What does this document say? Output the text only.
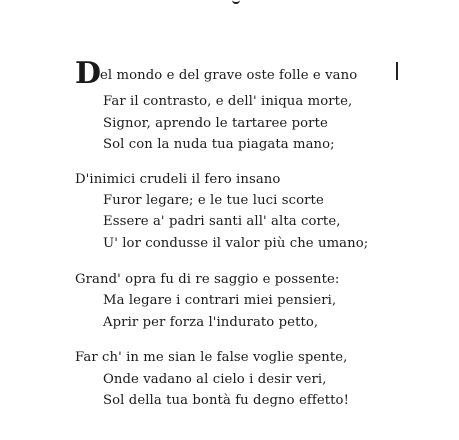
D
el mondo e del grave oste folle e vano
Far il contrasto, e dell' iniqua morte,
Signor, aprendo le tartaree porte
Sol con la nuda tua piagata mano;
D'inimici crudeli il fero insano
Furor legare; e le tue luci scorte
Essere a' padri santi all' alta corte,
U' lor condusse il valor più che umano;
Grand' opra fu di re saggio e possente:
Ma legare i contrari miei pensieri,
Aprir per forza l'indurato petto,
Far ch' in me sian le false voglie spente,
Onde vadano al cielo i desir veri,
Sol della tua bontà fu degno effetto!
